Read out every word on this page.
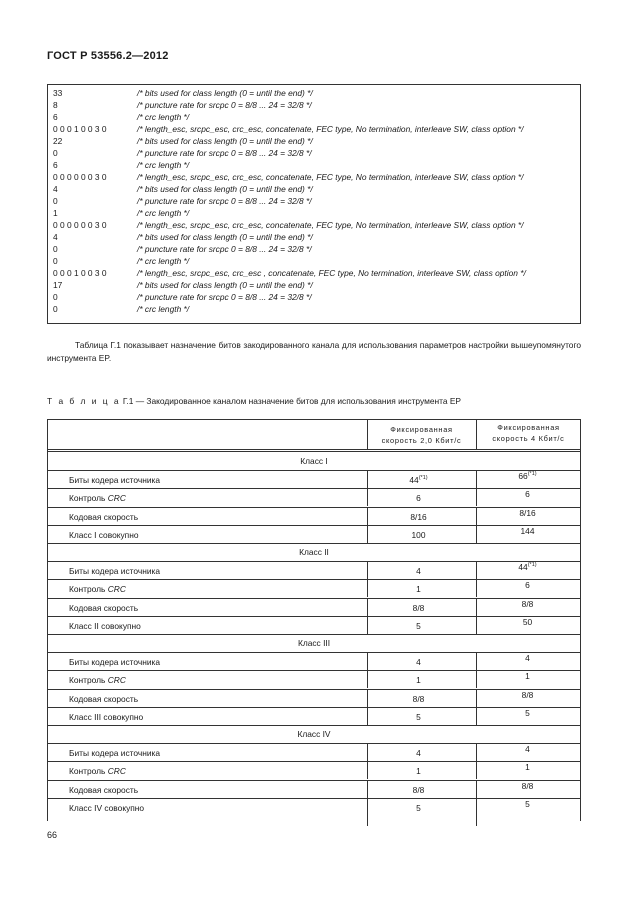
ГОСТ Р 53556.2—2012
33	/* bits used for class length (0 = until the end) */
8	/* puncture rate for srcpc 0 = 8/8 ... 24 = 32/8 */
6	/* crc length */
0 0 0 1 0 0 3 0	/* length_esc, srcpc_esc, crc_esc, concatenate, FEC type, No termination, interleave SW, class option */
22	/* bits used for class length (0 = until the end) */
0	/* puncture rate for srcpc 0 = 8/8 ... 24 = 32/8 */
6	/* crc length */
0 0 0 0 0 0 3 0	/* length_esc, srcpc_esc, crc_esc, concatenate, FEC type, No termination, interleave SW, class option */
4	/* bits used for class length (0 = until the end) */
0	/* puncture rate for srcpc 0 = 8/8 ... 24 = 32/8 */
1	/* crc length */
0 0 0 0 0 0 3 0	/* length_esc, srcpc_esc, crc_esc, concatenate, FEC type, No termination, interleave SW, class option */
4	/* bits used for class length (0 = until the end) */
0	/* puncture rate for srcpc 0 = 8/8 ... 24 = 32/8 */
0	/* crc length */
0 0 0 1 0 0 3 0	/* length_esc, srcpc_esc, crc_esc , concatenate, FEC type, No termination, interleave SW, class option */
17	/* bits used for class length (0 = until the end) */
0	/* puncture rate for srcpc 0 = 8/8 ... 24 = 32/8 */
0	/* crc length */
Таблица Г.1 показывает назначение битов закодированного канала для использования параметров настройки вышеупомянутого инструмента EP.
Т а б л и ц а Г.1 — Закодированное каналом назначение битов для использования инструмента EP
Фиксированная
скорость 2,0 Кбит/с
Фиксированная
скорость 4 Кбит/с
Класс I
Биты кодера источника	$44^{(*1)}$	$66^{(*1)}$
Контроль CRC	6	6
Кодовая скорость	8/16	8/16
Класс I совокупно	100	144
Класс II
Биты кодера источника	4	$44^{(*1)}$
Контроль CRC	1	6
Кодовая скорость	8/8	8/8
Класс II совокупно	5	50
Класс III
Биты кодера источника	4	4
Контроль CRC	1	1
Кодовая скорость	8/8	8/8
Класс III совокупно	5	5
Класс IV
Биты кодера источника	4	4
Контроль CRC	1	1
Кодовая скорость	8/8	8/8
Класс IV совокупно	5	5
66
